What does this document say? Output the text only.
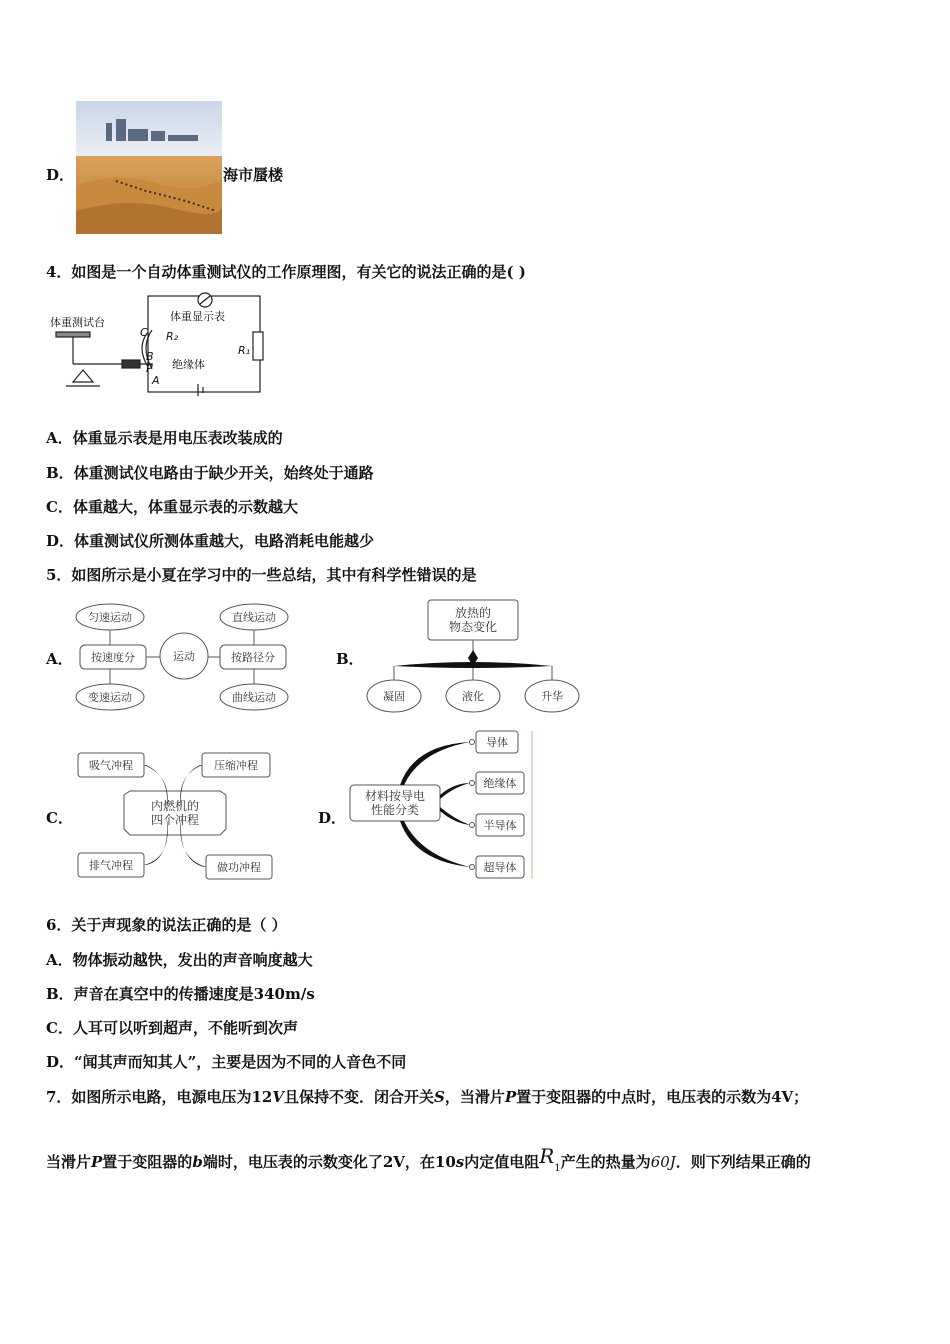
D．	海市蜃楼
4．如图是一个自动体重测试仪的工作原理图，有关它的说法正确的是( )
体重测试台	体重显示表
R₂
R₁
绝缘体
C
B
P
A
A．体重显示表是用电压表改装成的
B．体重测试仪电路由于缺少开关，始终处于通路
C．体重越大，体重显示表的示数越大
D．体重测试仪所测体重越大，电路消耗电能越少
5．如图所示是小夏在学习中的一些总结，其中有科学性错误的是
A．
匀速运动
变速运动
直线运动
曲线运动
按速度分	按路径分
运动	B．
放热的
物态变化
凝固	液化	升华
C．
吸气冲程	压缩冲程
排气冲程	做功冲程
内燃机的
四个冲程	D．
材料按导电
性能分类
导体
绝缘体
半导体
超导体
6．关于声现象的说法正确的是（ ）
A．物体振动越快，发出的声音响度越大
B．声音在真空中的传播速度是340m/s
C．人耳可以听到超声，不能听到次声
D．“闻其声而知其人”，主要是因为不同的人音色不同
7．如图所示电路，电源电压为12V且保持不变．闭合开关S，当滑片P置于变阻器的中点时，电压表的示数为4V；
当滑片P置于变阻器的b端时，电压表的示数变化了2V，在10s内定值电阻$R_1$产生的热量为60J．则下列结果正确的
